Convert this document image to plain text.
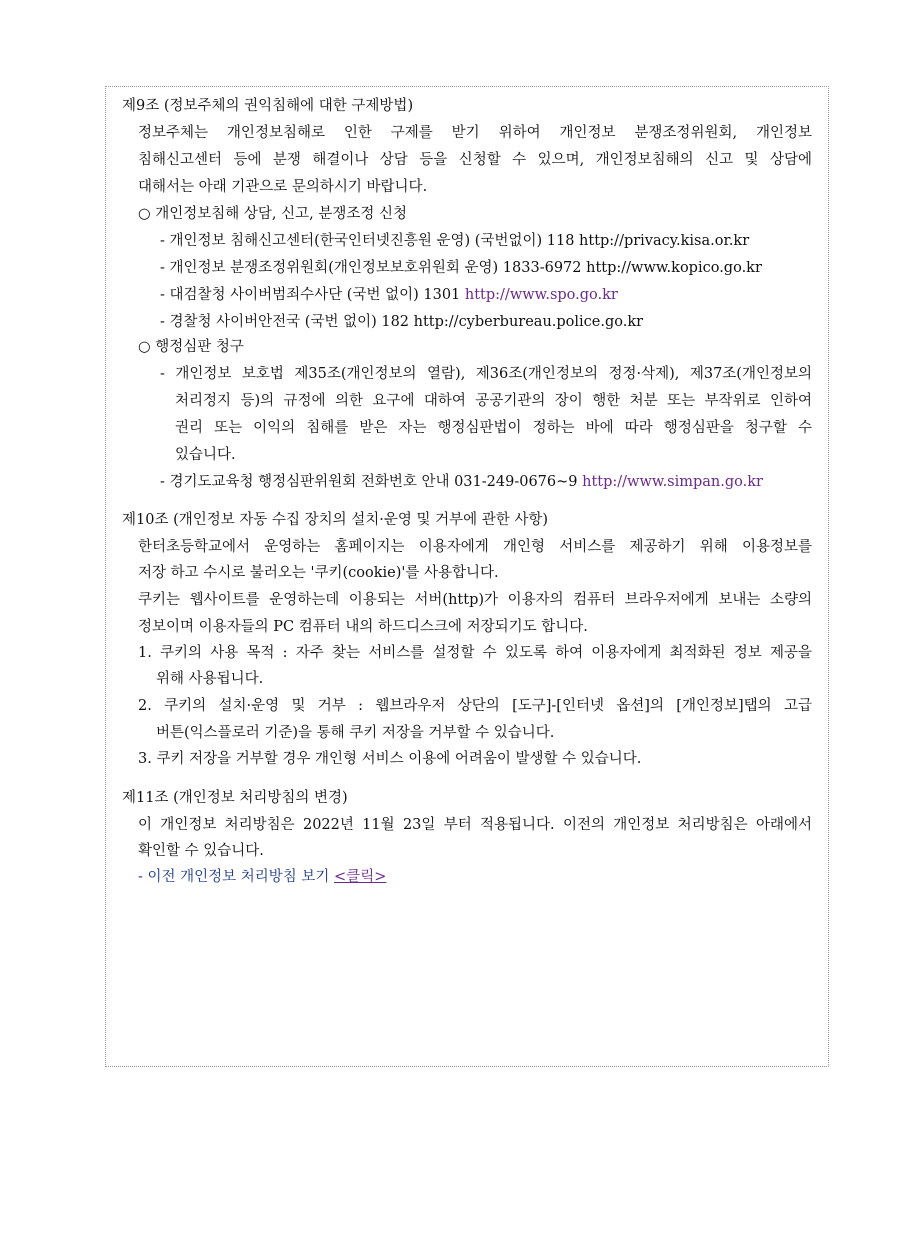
제9조 (정보주체의 권익침해에 대한 구제방법)
정보주체는 개인정보침해로 인한 구제를 받기 위하여 개인정보 분쟁조정위원회, 개인정보
침해신고센터 등에 분쟁 해결이나 상담 등을 신청할 수 있으며, 개인정보침해의 신고 및 상담에
대해서는 아래 기관으로 문의하시기 바랍니다.
○ 개인정보침해 상담, 신고, 분쟁조정 신청
- 개인정보 침해신고센터(한국인터넷진흥원 운영) (국번없이) 118 http://privacy.kisa.or.kr
- 개인정보 분쟁조정위원회(개인정보보호위원회 운영) 1833-6972 http://www.kopico.go.kr
- 대검찰청 사이버범죄수사단 (국번 없이) 1301 http://www.spo.go.kr
- 경찰청 사이버안전국 (국번 없이) 182 http://cyberbureau.police.go.kr
○ 행정심판 청구
- 개인정보 보호법 제35조(개인정보의 열람), 제36조(개인정보의 정정·삭제), 제37조(개인정보의
처리정지 등)의 규정에 의한 요구에 대하여 공공기관의 장이 행한 처분 또는 부작위로 인하여
권리 또는 이익의 침해를 받은 자는 행정심판법이 정하는 바에 따라 행정심판을 청구할 수
있습니다.
- 경기도교육청 행정심판위원회 전화번호 안내 031-249-0676~9 http://www.simpan.go.kr
제10조 (개인정보 자동 수집 장치의 설치·운영 및 거부에 관한 사항)
한터초등학교에서 운영하는 홈페이지는 이용자에게 개인형 서비스를 제공하기 위해 이용정보를
저장 하고 수시로 불러오는 '쿠키(cookie)'를 사용합니다.
쿠키는 웹사이트를 운영하는데 이용되는 서버(http)가 이용자의 컴퓨터 브라우저에게 보내는 소량의
정보이며 이용자들의 PC 컴퓨터 내의 하드디스크에 저장되기도 합니다.
1. 쿠키의 사용 목적 : 자주 찾는 서비스를 설정할 수 있도록 하여 이용자에게 최적화된 정보 제공을
위해 사용됩니다.
2. 쿠키의 설치·운영 및 거부 : 웹브라우저 상단의 [도구]-[인터넷 옵션]의 [개인정보]탭의 고급
버튼(익스플로러 기준)을 통해 쿠키 저장을 거부할 수 있습니다.
3. 쿠키 저장을 거부할 경우 개인형 서비스 이용에 어려움이 발생할 수 있습니다.
제11조 (개인정보 처리방침의 변경)
이 개인정보 처리방침은 2022년 11월 23일 부터 적용됩니다. 이전의 개인정보 처리방침은 아래에서
확인할 수 있습니다.
- 이전 개인정보 처리방침 보기 <클릭>
